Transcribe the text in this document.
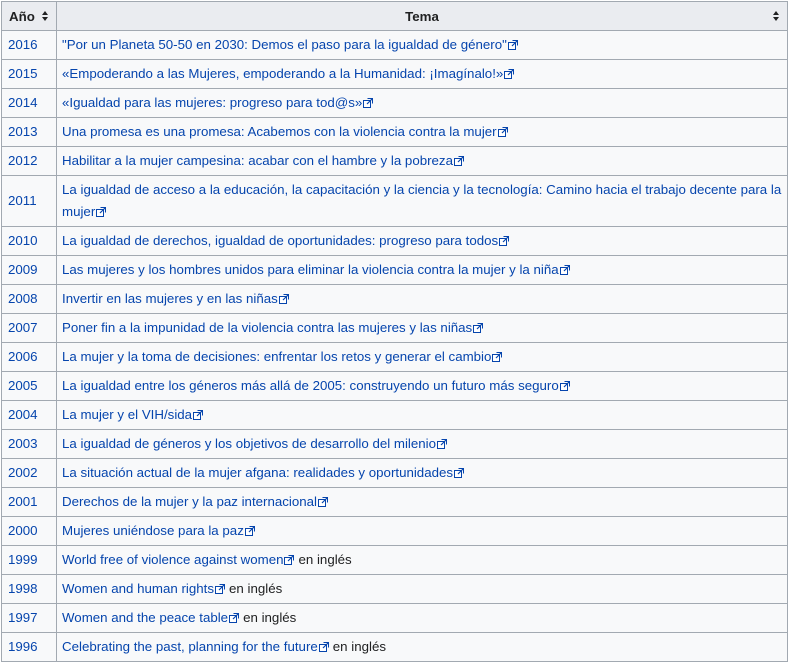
Año	Tema

2016	"Por un Planeta 50-50 en 2030: Demos el paso para la igualdad de género"
2015	«Empoderando a las Mujeres, empoderando a la Humanidad: ¡Imagínalo!»
2014	«Igualdad para las mujeres: progreso para tod@s»
2013	Una promesa es una promesa: Acabemos con la violencia contra la mujer
2012	Habilitar a la mujer campesina: acabar con el hambre y la pobreza
2011	La igualdad de acceso a la educación, la capacitación y la ciencia y la tecnología: Camino hacia el trabajo decente para la mujer
2010	La igualdad de derechos, igualdad de oportunidades: progreso para todos
2009	Las mujeres y los hombres unidos para eliminar la violencia contra la mujer y la niña
2008	Invertir en las mujeres y en las niñas
2007	Poner fin a la impunidad de la violencia contra las mujeres y las niñas
2006	La mujer y la toma de decisiones: enfrentar los retos y generar el cambio
2005	La igualdad entre los géneros más allá de 2005: construyendo un futuro más seguro
2004	La mujer y el VIH/sida
2003	La igualdad de géneros y los objetivos de desarrollo del milenio
2002	La situación actual de la mujer afgana: realidades y oportunidades
2001	Derechos de la mujer y la paz internacional
2000	Mujeres uniéndose para la paz
1999	World free of violence against women en inglés
1998	Women and human rights en inglés
1997	Women and the peace table en inglés
1996	Celebrating the past, planning for the future en inglés
